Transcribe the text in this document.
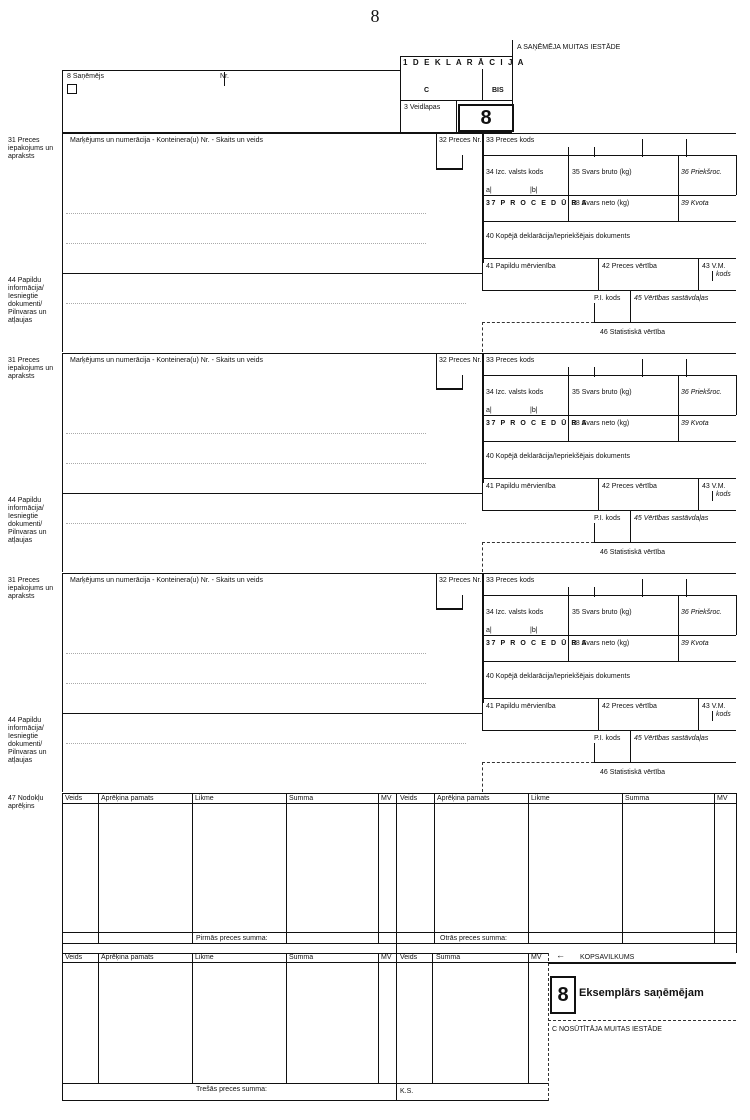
8
A SAŅĒMĒJA MUITAS IESTĀDE
1 D E K L A R Ā C I J A
C	BIS
8 Saņēmējs	Nr.
3 Veidlapas	8
31 Preces iepakojums un apraksts
Marķējums un numerācija - Konteinera(u) Nr. - Skaits un veids	32 Preces Nr. 33 Preces kods
34 Izc. valsts kods
a|	|b|
35 Svars bruto (kg)	36 Priekšroc.
37 P R O C E D Ū R A
38 Svars neto (kg)	39 Kvota
40 Kopējā deklarācija/Iepriekšējais dokuments
41 Papildu mērvienība	42 Preces vērtība	43 V.M.
kods
44 Papildu informācija/ Iesniegtie dokumenti/ Pilnvaras un atļaujas
P.I. kods 45 Vērtības sastāvdaļas
46 Statistiskā vērtība
31 Preces iepakojums un apraksts
Marķējums un numerācija - Konteinera(u) Nr. - Skaits un veids	32 Preces Nr. 33 Preces kods
34 Izc. valsts kods
a|	|b|
35 Svars bruto (kg)	36 Priekšroc.
37 P R O C E D Ū R A
38 Svars neto (kg)	39 Kvota
40 Kopējā deklarācija/Iepriekšējais dokuments
41 Papildu mērvienība	42 Preces vērtība	43 V.M.
kods
44 Papildu informācija/ Iesniegtie dokumenti/ Pilnvaras un atļaujas
P.I. kods 45 Vērtības sastāvdaļas
46 Statistiskā vērtība
31 Preces iepakojums un apraksts
Marķējums un numerācija - Konteinera(u) Nr. - Skaits un veids	32 Preces Nr. 33 Preces kods
34 Izc. valsts kods
a|	|b|
35 Svars bruto (kg)	36 Priekšroc.
37 P R O C E D Ū R A
38 Svars neto (kg)	39 Kvota
40 Kopējā deklarācija/Iepriekšējais dokuments
41 Papildu mērvienība	42 Preces vērtība	43 V.M.
kods
44 Papildu informācija/ Iesniegtie dokumenti/ Pilnvaras un atļaujas
P.I. kods 45 Vērtības sastāvdaļas
46 Statistiskā vērtība
47 Nodokļu aprēķins
Veids	Aprēķina pamats	Likme	Summa	MV
Pirmās preces summa:
Veids	Aprēķina pamats	Likme	Summa	MV
Otrās preces summa:
Veids	Aprēķina pamats	Likme	Summa	MV
Trešās preces summa:
Veids	Summa	MV ← KOPSAVILKUMS
K.S.
8 Eksemplārs saņēmējam
C NOSŪTĪTĀJA MUITAS IESTĀDE
